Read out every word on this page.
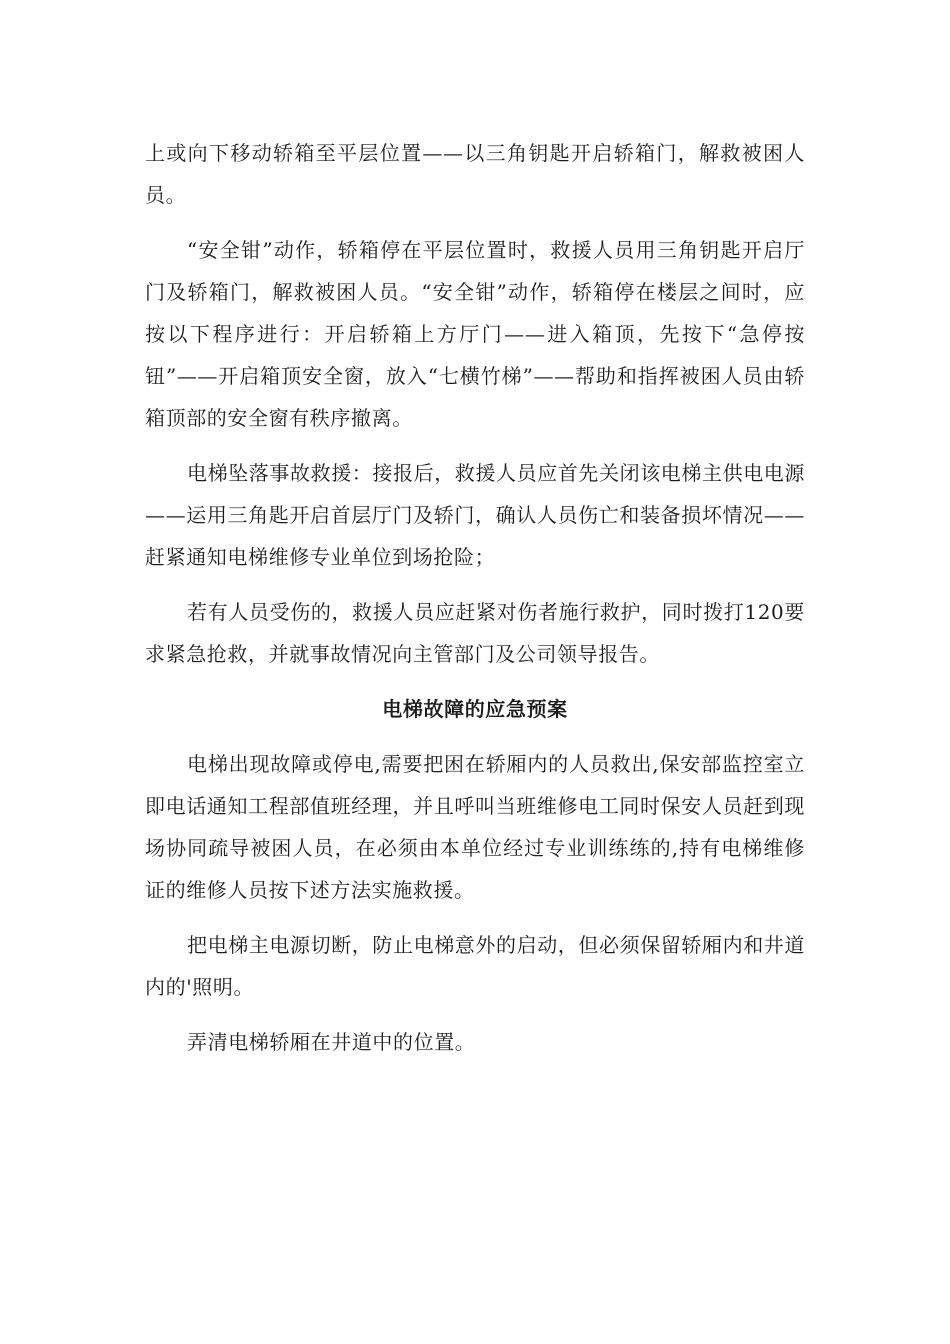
上或向下移动轿箱至平层位置——以三角钥匙开启轿箱门，解救被困人员。

“安全钳”动作，轿箱停在平层位置时，救援人员用三角钥匙开启厅门及轿箱门，解救被困人员。“安全钳”动作，轿箱停在楼层之间时，应按以下程序进行：开启轿箱上方厅门——进入箱顶，先按下“急停按钮”——开启箱顶安全窗，放入“七横竹梯”——帮助和指挥被困人员由轿箱顶部的安全窗有秩序撤离。

电梯坠落事故救援：接报后，救援人员应首先关闭该电梯主供电电源——运用三角匙开启首层厅门及轿门，确认人员伤亡和装备损坏情况——赶紧通知电梯维修专业单位到场抢险；

若有人员受伤的，救援人员应赶紧对伤者施行救护，同时拨打120要求紧急抢救，并就事故情况向主管部门及公司领导报告。

电梯故障的应急预案

电梯出现故障或停电,需要把困在轿厢内的人员救出,保安部监控室立即电话通知工程部值班经理，并且呼叫当班维修电工同时保安人员赶到现场协同疏导被困人员，在必须由本单位经过专业训练练的,持有电梯维修证的维修人员按下述方法实施救援。

把电梯主电源切断，防止电梯意外的启动，但必须保留轿厢内和井道内的'照明。

弄清电梯轿厢在井道中的位置。
